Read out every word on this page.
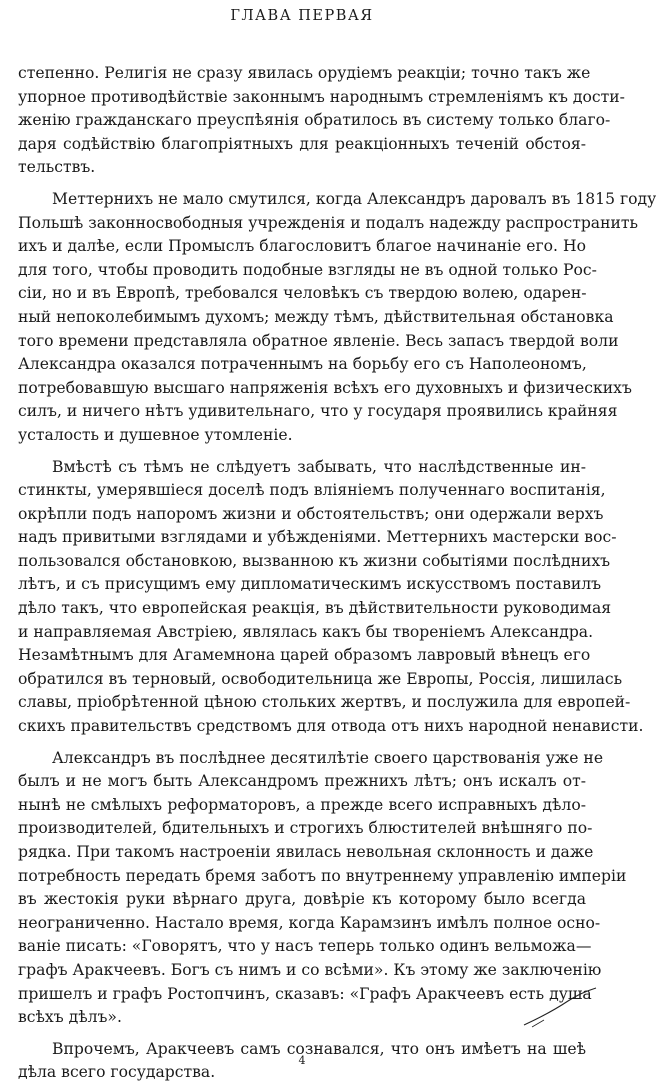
ГЛАВА ПЕРВАЯ
степенно. Религія не сразу явилась орудіемъ реакціи; точно такъ же
упорное противодѣйствіе законнымъ народнымъ стремленіямъ къ дости-
женію гражданскаго преуспѣянія обратилось въ систему только благо-
даря содѣйствію благопріятныхъ для реакціонныхъ теченій обстоя-
тельствъ.
Меттернихъ не мало смутился, когда Александръ даровалъ въ 1815 году
Польшѣ законносвободныя учрежденія и подалъ надежду распространить
ихъ и далѣе, если Промыслъ благословитъ благое начинаніе его. Но
для того, чтобы проводить подобные взгляды не въ одной только Рос-
сіи, но и въ Европѣ, требовался человѣкъ съ твердою волею, одарен-
ный непоколебимымъ духомъ; между тѣмъ, дѣйствительная обстановка
того времени представляла обратное явленіе. Весь запасъ твердой воли
Александра оказался потраченнымъ на борьбу его съ Наполеономъ,
потребовавшую высшаго напряженія всѣхъ его духовныхъ и физическихъ
силъ, и ничего нѣтъ удивительнаго, что у государя проявились крайняя
усталость и душевное утомленіе.
Вмѣстѣ съ тѣмъ не слѣдуетъ забывать, что наслѣдственные ин-
стинкты, умерявшіеся доселѣ подъ вліяніемъ полученнаго воспитанія,
окрѣпли подъ напоромъ жизни и обстоятельствъ; они одержали верхъ
надъ привитыми взглядами и убѣжденіями. Меттернихъ мастерски вос-
пользовался обстановкою, вызванною къ жизни событіями послѣднихъ
лѣтъ, и съ присущимъ ему дипломатическимъ искусствомъ поставилъ
дѣло такъ, что европейская реакція, въ дѣйствительности руководимая
и направляемая Австріею, являлась какъ бы твореніемъ Александра.
Незамѣтнымъ для Агамемнона царей образомъ лавровый вѣнецъ его
обратился въ терновый, освободительница же Европы, Россія, лишилась
славы, пріобрѣтенной цѣною стольких жертвъ, и послужила для европей-
скихъ правительствъ средствомъ для отвода отъ нихъ народной ненависти.
Александръ въ послѣднее десятилѣтіе своего царствованія уже не
былъ и не могъ быть Александромъ прежнихъ лѣтъ; онъ искалъ от-
нынѣ не смѣлыхъ реформаторовъ, а прежде всего исправныхъ дѣло-
производителей, бдительныхъ и строгихъ блюстителей внѣшняго по-
рядка. При такомъ настроеніи явилась невольная склонность и даже
потребность передать бремя заботъ по внутреннему управленію имперіи
въ жестокія руки вѣрнаго друга, довѣріе къ которому было всегда
неограниченно. Настало время, когда Карамзинъ имѣлъ полное осно-
ваніе писать: «Говорятъ, что у насъ теперь только одинъ вельможа—
графъ Аракчеевъ. Богъ съ нимъ и со всѣми». Къ этому же заключенію
пришелъ и графъ Ростопчинъ, сказавъ: «Графъ Аракчеевъ есть душа
всѣхъ дѣлъ».
Впрочемъ, Аракчеевъ самъ сознавался, что онъ имѣетъ на шеѣ
дѣла всего государства.
4
